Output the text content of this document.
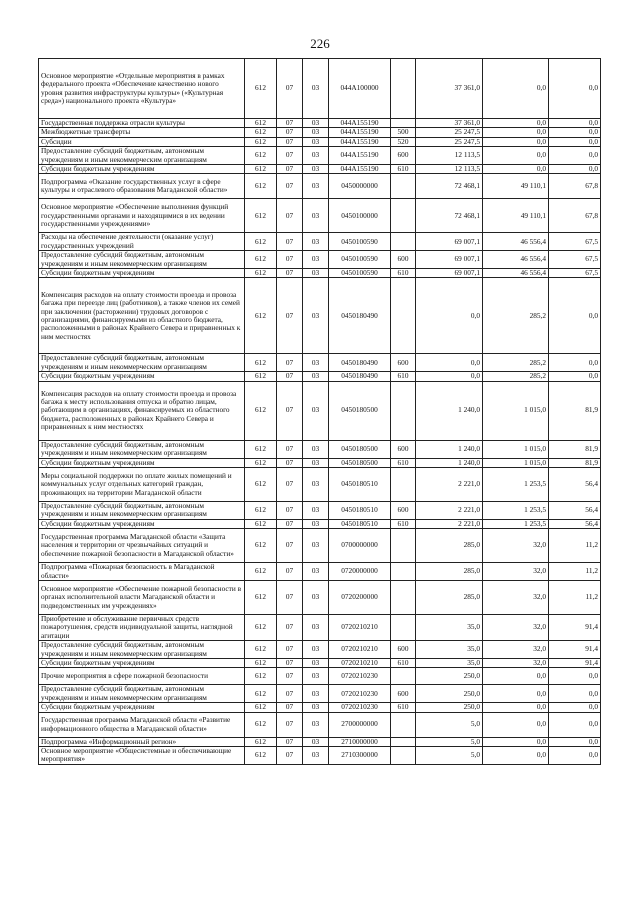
226
Основное мероприятие «Отдельные мероприятия в рамках федерального проекта «Обеспечение качественно нового уровня развития инфраструктуры культуры» («Культурная среда») национального проекта «Культура»	612	07	03	044A100000		37 361,0	0,0	0,0
Государственная поддержка отрасли культуры	612	07	03	044A155190		37 361,0	0,0	0,0
Межбюджетные трансферты	612	07	03	044A155190	500	25 247,5	0,0	0,0
Субсидии	612	07	03	044A155190	520	25 247,5	0,0	0,0
Предоставление субсидий бюджетным, автономным учреждениям и иным некоммерческим организациям	612	07	03	044A155190	600	12 113,5	0,0	0,0
Субсидии бюджетным учреждениям	612	07	03	044A155190	610	12 113,5	0,0	0,0
Подпрограмма «Оказание государственных услуг в сфере культуры и отраслевого образования Магаданской области»	612	07	03	0450000000		72 468,1	49 110,1	67,8
Основное мероприятие «Обеспечение выполнения функций государственными органами и находящимися в их ведении государственными учреждениями»	612	07	03	0450100000		72 468,1	49 110,1	67,8
Расходы на обеспечение деятельности (оказание услуг) государственных учреждений	612	07	03	0450100590		69 007,1	46 556,4	67,5
Предоставление субсидий бюджетным, автономным учреждениям и иным некоммерческим организациям	612	07	03	0450100590	600	69 007,1	46 556,4	67,5
Субсидии бюджетным учреждениям	612	07	03	0450100590	610	69 007,1	46 556,4	67,5
Компенсация расходов на оплату стоимости проезда и провоза багажа при переезде лиц (работников), а также членов их семей при заключении (расторжении) трудовых договоров с организациями, финансируемыми из областного бюджета, расположенными в районах Крайнего Севера и приравненных к ним местностях	612	07	03	0450180490		0,0	285,2	0,0
Предоставление субсидий бюджетным, автономным учреждениям и иным некоммерческим организациям	612	07	03	0450180490	600	0,0	285,2	0,0
Субсидии бюджетным учреждениям	612	07	03	0450180490	610	0,0	285,2	0,0
Компенсация расходов на оплату стоимости проезда и провоза багажа к месту использования отпуска и обратно лицам, работающим в организациях, финансируемых из областного бюджета, расположенных в районах Крайнего Севера и приравненных к ним местностях	612	07	03	0450180500		1 240,0	1 015,0	81,9
Предоставление субсидий бюджетным, автономным учреждениям и иным некоммерческим организациям	612	07	03	0450180500	600	1 240,0	1 015,0	81,9
Субсидии бюджетным учреждениям	612	07	03	0450180500	610	1 240,0	1 015,0	81,9
Меры социальной поддержки по оплате жилых помещений и коммунальных услуг отдельных категорий граждан, проживающих на территории Магаданской области	612	07	03	0450180510		2 221,0	1 253,5	56,4
Предоставление субсидий бюджетным, автономным учреждениям и иным некоммерческим организациям	612	07	03	0450180510	600	2 221,0	1 253,5	56,4
Субсидии бюджетным учреждениям	612	07	03	0450180510	610	2 221,0	1 253,5	56,4
Государственная программа Магаданской области «Защита населения и территории от чрезвычайных ситуаций и обеспечение пожарной безопасности в Магаданской области»	612	07	03	0700000000		285,0	32,0	11,2
Подпрограмма «Пожарная безопасность в Магаданской области»	612	07	03	0720000000		285,0	32,0	11,2
Основное мероприятие «Обеспечение пожарной безопасности в органах исполнительной власти Магаданской области и подведомственных им учреждениях»	612	07	03	0720200000		285,0	32,0	11,2
Приобретение и обслуживание первичных средств пожаротушения, средств индивидуальной защиты, наглядной агитации	612	07	03	0720210210		35,0	32,0	91,4
Предоставление субсидий бюджетным, автономным учреждениям и иным некоммерческим организациям	612	07	03	0720210210	600	35,0	32,0	91,4
Субсидии бюджетным учреждениям	612	07	03	0720210210	610	35,0	32,0	91,4
Прочие мероприятия в сфере пожарной безопасности	612	07	03	0720210230		250,0	0,0	0,0
Предоставление субсидий бюджетным, автономным учреждениям и иным некоммерческим организациям	612	07	03	0720210230	600	250,0	0,0	0,0
Субсидии бюджетным учреждениям	612	07	03	0720210230	610	250,0	0,0	0,0
Государственная программа Магаданской области «Развитие информационного общества в Магаданской области»	612	07	03	2700000000		5,0	0,0	0,0
Подпрограмма «Информационный регион»	612	07	03	2710000000		5,0	0,0	0,0
Основное мероприятие «Общесистемные и обеспечивающие мероприятия»	612	07	03	2710300000		5,0	0,0	0,0
